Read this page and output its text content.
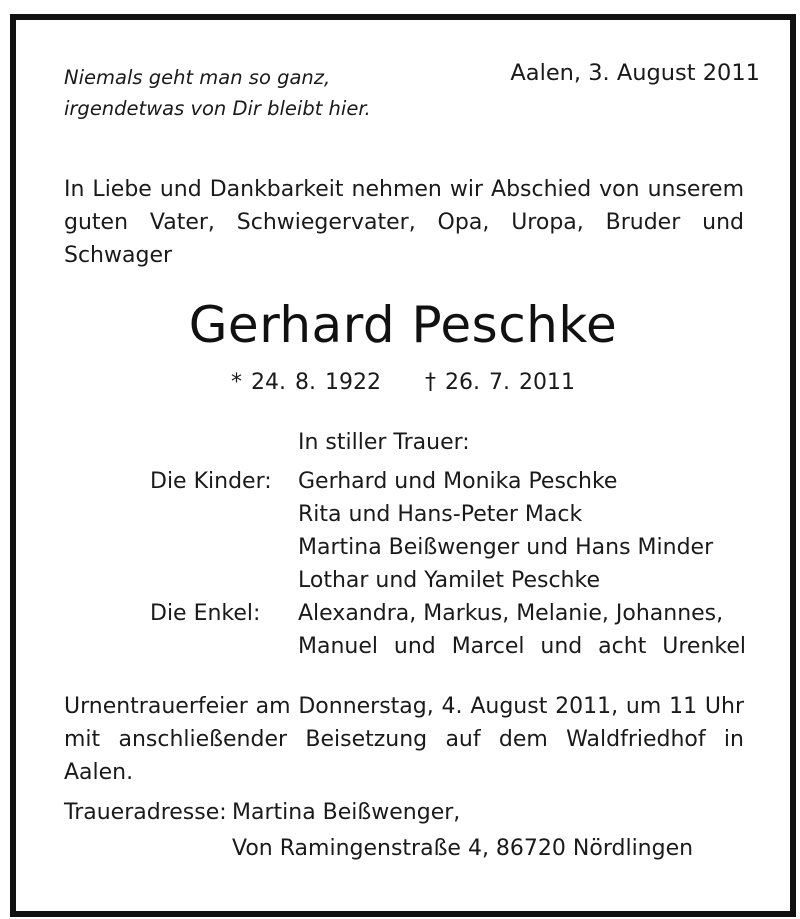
Niemals geht man so ganz,
irgendetwas von Dir bleibt hier.
Aalen, 3. August 2011
In Liebe und Dankbarkeit nehmen wir Abschied von unserem guten Vater, Schwiegervater, Opa, Uropa, Bruder und Schwager
Gerhard Peschke
* 24. 8. 1922 † 26. 7. 2011
In stiller Trauer:
Die Kinder: Gerhard und Monika Peschke
Rita und Hans-Peter Mack
Martina Beißwenger und Hans Minder
Lothar und Yamilet Peschke
Die Enkel: Alexandra, Markus, Melanie, Johannes,
Manuel und Marcel und acht Urenkel
Urnentrauerfeier am Donnerstag, 4. August 2011, um 11 Uhr mit anschließender Beisetzung auf dem Waldfriedhof in Aalen.
Traueradresse: Martina Beißwenger,
Von Ramingenstraße 4, 86720 Nördlingen
